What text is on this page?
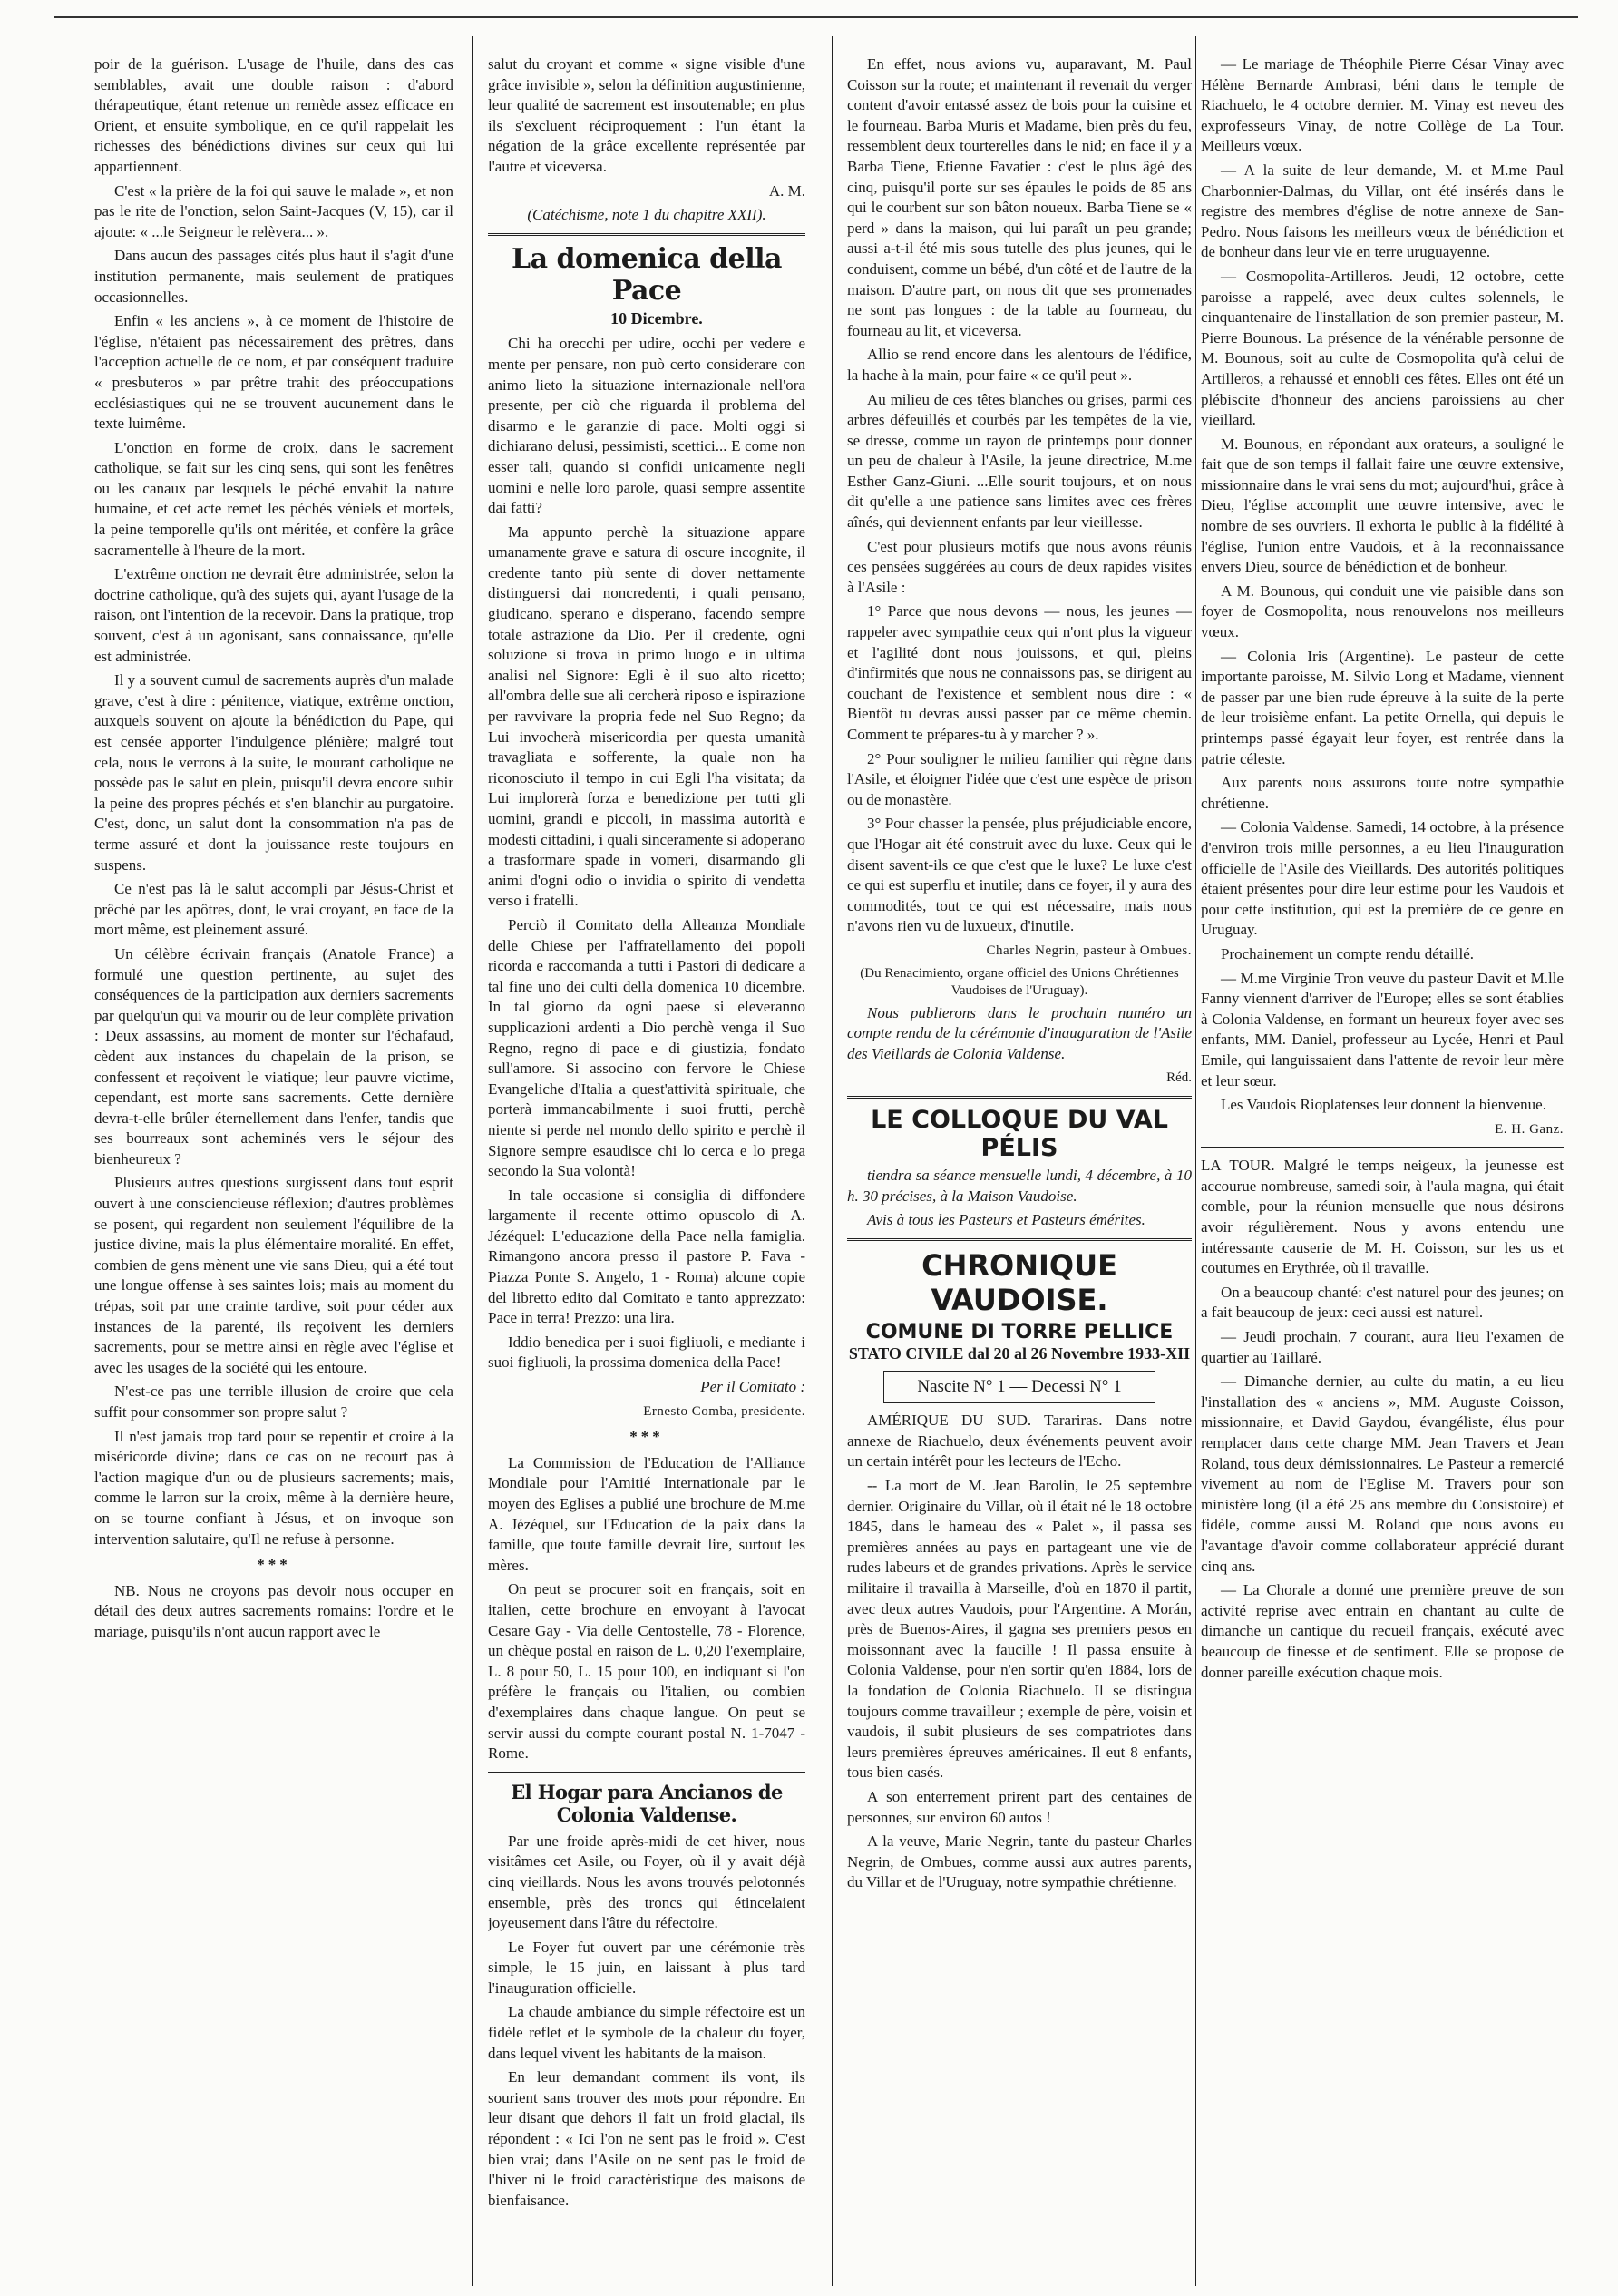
poir de la guérison. L'usage de l'huile, dans des cas semblables, avait une double raison : d'abord thérapeutique, étant retenue un remède assez efficace en Orient, et ensuite symbolique, en ce qu'il rappelait les richesses des bénédictions divines sur ceux qui lui appartiennent.

C'est « la prière de la foi qui sauve le malade », et non pas le rite de l'onction, selon Saint-Jacques (V, 15), car il ajoute: « ...le Seigneur le relèvera... ».

Dans aucun des passages cités plus haut il s'agit d'une institution permanente, mais seulement de pratiques occasionnelles.

Enfin « les anciens », à ce moment de l'histoire de l'église, n'étaient pas nécessairement des prêtres, dans l'acception actuelle de ce nom, et par conséquent traduire « presbuteros » par prêtre trahit des préoccupations ecclésiastiques qui ne se trouvent aucunement dans le texte luimême.

L'onction en forme de croix, dans le sacrement catholique, se fait sur les cinq sens, qui sont les fenêtres ou les canaux par lesquels le péché envahit la nature humaine, et cet acte remet les péchés véniels et mortels, la peine temporelle qu'ils ont méritée, et confère la grâce sacramentelle à l'heure de la mort.

L'extrême onction ne devrait être administrée, selon la doctrine catholique, qu'à des sujets qui, ayant l'usage de la raison, ont l'intention de la recevoir. Dans la pratique, trop souvent, c'est à un agonisant, sans connaissance, qu'elle est administrée.

Il y a souvent cumul de sacrements auprès d'un malade grave, c'est à dire : pénitence, viatique, extrême onction, auxquels souvent on ajoute la bénédiction du Pape, qui est censée apporter l'indulgence plénière; malgré tout cela, nous le verrons à la suite, le mourant catholique ne possède pas le salut en plein, puisqu'il devra encore subir la peine des propres péchés et s'en blanchir au purgatoire. C'est, donc, un salut dont la consommation n'a pas de terme assuré et dont la jouissance reste toujours en suspens.

Ce n'est pas là le salut accompli par Jésus-Christ et prêché par les apôtres, dont, le vrai croyant, en face de la mort même, est pleinement assuré.

Un célèbre écrivain français (Anatole France) a formulé une question pertinente, au sujet des conséquences de la participation aux derniers sacrements par quelqu'un qui va mourir ou de leur complète privation : Deux assassins, au moment de monter sur l'échafaud, cèdent aux instances du chapelain de la prison, se confessent et reçoivent le viatique; leur pauvre victime, cependant, est morte sans sacrements. Cette dernière devra-t-elle brûler éternellement dans l'enfer, tandis que ses bourreaux sont acheminés vers le séjour des bienheureux ?

Plusieurs autres questions surgissent dans tout esprit ouvert à une consciencieuse réflexion; d'autres problèmes se posent, qui regardent non seulement l'équilibre de la justice divine, mais la plus élémentaire moralité. En effet, combien de gens mènent une vie sans Dieu, qui a été tout une longue offense à ses saintes lois; mais au moment du trépas, soit par une crainte tardive, soit pour céder aux instances de la parenté, ils reçoivent les derniers sacrements, pour se mettre ainsi en règle avec l'église et avec les usages de la société qui les entoure.

N'est-ce pas une terrible illusion de croire que cela suffit pour consommer son propre salut ?

Il n'est jamais trop tard pour se repentir et croire à la miséricorde divine; dans ce cas on ne recourt pas à l'action magique d'un ou de plusieurs sacrements; mais, comme le larron sur la croix, même à la dernière heure, on se tourne confiant à Jésus, et on invoque son intervention salutaire, qu'Il ne refuse à personne.

***

NB. Nous ne croyons pas devoir nous occuper en détail des deux autres sacrements romains: l'ordre et le mariage, puisqu'ils n'ont aucun rapport avec le

salut du croyant et comme « signe visible d'une grâce invisible », selon la définition augustinienne, leur qualité de sacrement est insoutenable; en plus ils s'excluent réciproquement : l'un étant la négation de la grâce excellente représentée par l'autre et viceversa.

A. M.

(Catéchisme, note 1 du chapitre XXII).

La domenica della Pace

10 Dicembre.

Chi ha orecchi per udire, occhi per vedere e mente per pensare, non può certo considerare con animo lieto la situazione internazionale nell'ora presente, per ciò che riguarda il problema del disarmo e le garanzie di pace. Molti oggi si dichiarano delusi, pessimisti, scettici... E come non esser tali, quando si confidi unicamente negli uomini e nelle loro parole, quasi sempre assentite dai fatti?

Ma appunto perchè la situazione appare umanamente grave e satura di oscure incognite, il credente tanto più sente di dover nettamente distinguersi dai noncredenti, i quali pensano, giudicano, sperano e disperano, facendo sempre totale astrazione da Dio. Per il credente, ogni soluzione si trova in primo luogo e in ultima analisi nel Signore: Egli è il suo alto ricetto; all'ombra delle sue ali cercherà riposo e ispirazione per ravvivare la propria fede nel Suo Regno; da Lui invocherà misericordia per questa umanità travagliata e sofferente, la quale non ha riconosciuto il tempo in cui Egli l'ha visitata; da Lui implorerà forza e benedizione per tutti gli uomini, grandi e piccoli, in massima autorità e modesti cittadini, i quali sinceramente si adoperano a trasformare spade in vomeri, disarmando gli animi d'ogni odio o invidia o spirito di vendetta verso i fratelli.

Perciò il Comitato della Allеanza Mondiale delle Chiese per l'affratellamento dei popoli ricorda e raccomanda a tutti i Pastori di dedicare a tal fine uno dei culti della domenica 10 dicembre. In tal giorno da ogni paese si eleveranno supplicazioni ardenti a Dio perchè venga il Suo Regno, regno di pace e di giustizia, fondato sull'amore. Si associno con fervore le Chiese Evangeliche d'Italia a quest'attività spirituale, che porterà immancabilmente i suoi frutti, perchè niente si perde nel mondo dello spirito e perchè il Signore sempre esaudisce chi lo cerca e lo prega secondo la Sua volontà!

In tale occasione si consiglia di diffondere largamente il recente ottimo opuscolo di A. Jézéquel: L'educazione della Pace nella famiglia. Rimangono ancora presso il pastore P. Fava - Piazza Ponte S. Angelo, 1 - Roma) alcune copie del libretto edito dal Comitato e tanto apprezzato: Pace in terra! Prezzo: una lira.

Iddio benedica per i suoi figliuoli, e mediante i suoi figliuoli, la prossima domenica della Pace!

Per il Comitato :

Ernesto Comba, presidente.

***

La Commission de l'Education de l'Alliance Mondiale pour l'Amitié Internationale par le moyen des Eglises a publié une brochure de M.me A. Jézéquel, sur l'Education de la paix dans la famille, que toute famille devrait lire, surtout les mères.

On peut se procurer soit en français, soit en italien, cette brochure en envoyant à l'avocat Cesare Gay - Via delle Centostelle, 78 - Florence, un chèque postal en raison de L. 0,20 l'exemplaire, L. 8 pour 50, L. 15 pour 100, en indiquant si l'on préfère le français ou l'italien, ou combien d'exemplaires dans chaque langue. On peut se servir aussi du compte courant postal N. 1-7047 - Rome.

El Hogar para Ancianos de Colonia Valdense.

Par une froide après-midi de cet hiver, nous visitâmes cet Asile, ou Foyer, où il y avait déjà cinq vieillards. Nous les avons trouvés pelotonnés ensemble, près des troncs qui étincelaient joyeusement dans l'âtre du réfectoire.

Le Foyer fut ouvert par une cérémonie très simple, le 15 juin, en laissant à plus tard l'inauguration officielle.

La chaude ambiance du simple réfectoire est un fidèle reflet et le symbole de la chaleur du foyer, dans lequel vivent les habitants de la maison.

En leur demandant comment ils vont, ils sourient sans trouver des mots pour répondre. En leur disant que dehors il fait un froid glacial, ils répondent : « Ici l'on ne sent pas le froid ». C'est bien vrai; dans l'Asile on ne sent pas le froid de l'hiver ni le froid caractéristique des maisons de bienfaisance.

En effet, nous avions vu, auparavant, M. Paul Coisson sur la route; et maintenant il revenait du verger content d'avoir entassé assez de bois pour la cuisine et le fourneau. Barba Muris et Madame, bien près du feu, ressemblent deux tourterelles dans le nid; en face il y a Barba Tiene, Etienne Favatier : c'est le plus âgé des cinq, puisqu'il porte sur ses épaules le poids de 85 ans qui le courbent sur son bâton noueux. Barba Tiene se « perd » dans la maison, qui lui paraît un peu grande; aussi a-t-il été mis sous tutelle des plus jeunes, qui le conduisent, comme un bébé, d'un côté et de l'autre de la maison. D'autre part, on nous dit que ses promenades ne sont pas longues : de la table au fourneau, du fourneau au lit, et viceversa.

Allio se rend encore dans les alentours de l'édifice, la hache à la main, pour faire « ce qu'il peut ».

Au milieu de ces têtes blanches ou grises, parmi ces arbres défeuillés et courbés par les tempêtes de la vie, se dresse, comme un rayon de printemps pour donner un peu de chaleur à l'Asile, la jeune directrice, M.me Esther Ganz-Giuni. ...Elle sourit toujours, et on nous dit qu'elle a une patience sans limites avec ces frères aînés, qui deviennent enfants par leur vieillesse.

C'est pour plusieurs motifs que nous avons réunis ces pensées suggérées au cours de deux rapides visites à l'Asile :

1° Parce que nous devons — nous, les jeunes — rappeler avec sympathie ceux qui n'ont plus la vigueur et l'agilité dont nous jouissons, et qui, pleins d'infirmités que nous ne connaissons pas, se dirigent au couchant de l'existence et semblent nous dire : « Bientôt tu devras aussi passer par ce même chemin. Comment te prépares-tu à y marcher ? ».

2° Pour souligner le milieu familier qui règne dans l'Asile, et éloigner l'idée que c'est une espèce de prison ou de monastère.

3° Pour chasser la pensée, plus préjudiciable encore, que l'Hogar ait été construit avec du luxe. Ceux qui le disent savent-ils ce que c'est que le luxe? Le luxe c'est ce qui est superflu et inutile; dans ce foyer, il y aura des commodités, tout ce qui est nécessaire, mais nous n'avons rien vu de luxueux, d'inutile.

Charles Negrin, pasteur à Ombues.

(Du Renacimiento, organe officiel des Unions Chrétiennes Vaudoises de l'Uruguay).

Nous publierons dans le prochain numéro un compte rendu de la cérémonie d'inauguration de l'Asile des Vieillards de Colonia Valdense.

Réd.

LE COLLOQUE DU VAL PÉLIS

tiendra sa séance mensuelle lundi, 4 décembre, à 10 h. 30 précises, à la Maison Vaudoise.

Avis à tous les Pasteurs et Pasteurs émérites.

CHRONIQUE VAUDOISE.
COMUNE DI TORRE PELLICE

STATO CIVILE dal 20 al 26 Novembre 1933-XII

Nascite N° 1 — Decessi N° 1

AMÉRIQUE DU SUD. Tarariras. Dans notre annexe de Riachuelo, deux événements peuvent avoir un certain intérêt pour les lecteurs de l'Echo.

-- La mort de M. Jean Barolin, le 25 septembre dernier. Originaire du Villar, où il était né le 18 octobre 1845, dans le hameau des « Palet », il passa ses premières années au pays en partageant une vie de rudes labeurs et de grandes privations. Après le service militaire il travailla à Marseille, d'où en 1870 il partit, avec deux autres Vaudois, pour l'Argentine. A Morán, près de Buenos-Aires, il gagna ses premiers pesos en moissonnant avec la faucille ! Il passa ensuite à Colonia Valdense, pour n'en sortir qu'en 1884, lors de la fondation de Colonia Riachuelo. Il se distingua toujours comme travailleur ; exemple de père, voisin et vaudois, il subit plusieurs de ses compatriotes dans leurs premières épreuves américaines. Il eut 8 enfants, tous bien casés.

A son enterrement prirent part des centaines de personnes, sur environ 60 autos !

A la veuve, Marie Negrin, tante du pasteur Charles Negrin, de Ombues, comme aussi aux autres parents, du Villar et de l'Uruguay, notre sympathie chrétienne.

— Le mariage de Théophile Pierre César Vinay avec Hélène Bernarde Ambrasi, béni dans le temple de Riachuelo, le 4 octobre dernier. M. Vinay est neveu des exprofesseurs Vinay, de notre Collège de La Tour. Meilleurs vœux.

— A la suite de leur demande, M. et M.me Paul Charbonnier-Dalmas, du Villar, ont été insérés dans le registre des membres d'église de notre annexe de San-Pedro. Nous faisons les meilleurs vœux de bénédiction et de bonheur dans leur vie en terre uruguayenne.

— Cosmopolita-Artilleros. Jeudi, 12 octobre, cette paroisse a rappelé, avec deux cultes solennels, le cinquantenaire de l'installation de son premier pasteur, M. Pierre Bounous. La présence de la vénérable personne de M. Bounous, soit au culte de Cosmopolita qu'à celui de Artilleros, a rehaussé et ennobli ces fêtes. Elles ont été un plébiscite d'honneur des anciens paroissiens au cher vieillard.

M. Bounous, en répondant aux orateurs, a souligné le fait que de son temps il fallait faire une œuvre extensive, missionnaire dans le vrai sens du mot; aujourd'hui, grâce à Dieu, l'église accomplit une œuvre intensive, avec le nombre de ses ouvriers. Il exhorta le public à la fidélité à l'église, l'union entre Vaudois, et à la reconnaissance envers Dieu, source de bénédiction et de bonheur.

A M. Bounous, qui conduit une vie paisible dans son foyer de Cosmopolita, nous renouvelons nos meilleurs vœux.

— Colonia Iris (Argentine). Le pasteur de cette importante paroisse, M. Silvio Long et Madame, viennent de passer par une bien rude épreuve à la suite de la perte de leur troisième enfant. La petite Ornella, qui depuis le printemps passé égayait leur foyer, est rentrée dans la patrie céleste.

Aux parents nous assurons toute notre sympathie chrétienne.

— Colonia Valdense. Samedi, 14 octobre, à la présence d'environ trois mille personnes, a eu lieu l'inauguration officielle de l'Asile des Vieillards. Des autorités politiques étaient présentes pour dire leur estime pour les Vaudois et pour cette institution, qui est la première de ce genre en Uruguay.

Prochainement un compte rendu détaillé.

— M.me Virginie Tron veuve du pasteur Davit et M.lle Fanny viennent d'arriver de l'Europe; elles se sont établies à Colonia Valdense, en formant un heureux foyer avec ses enfants, MM. Daniel, professeur au Lycée, Henri et Paul Emile, qui languissaient dans l'attente de revoir leur mère et leur sœur.

Les Vaudois Rioplatenses leur donnent la bienvenue.

E. H. Ganz.

LA TOUR. Malgré le temps neigeux, la jeunesse est accourue nombreuse, samedi soir, à l'aula magna, qui était comble, pour la réunion mensuelle que nous désirons avoir régulièrement. Nous y avons entendu une intéressante causerie de M. H. Coisson, sur les us et coutumes en Erythrée, où il travaille.

On a beaucoup chanté: c'est naturel pour des jeunes; on a fait beaucoup de jeux: ceci aussi est naturel.

— Jeudi prochain, 7 courant, aura lieu l'examen de quartier au Taillaré.

— Dimanche dernier, au culte du matin, a eu lieu l'installation des « anciens », MM. Auguste Coisson, missionnaire, et David Gaydou, évangéliste, élus pour remplacer dans cette charge MM. Jean Travers et Jean Roland, tous deux démissionnaires. Le Pasteur a remercié vivement au nom de l'Eglise M. Travers pour son ministère long (il a été 25 ans membre du Consistoire) et fidèle, comme aussi M. Roland que nous avons eu l'avantage d'avoir comme collaborateur apprécié durant cinq ans.

— La Chorale a donné une première preuve de son activité reprise avec entrain en chantant au culte de dimanche un cantique du recueil français, exécuté avec beaucoup de finesse et de sentiment. Elle se propose de donner pareille exécution chaque mois.
